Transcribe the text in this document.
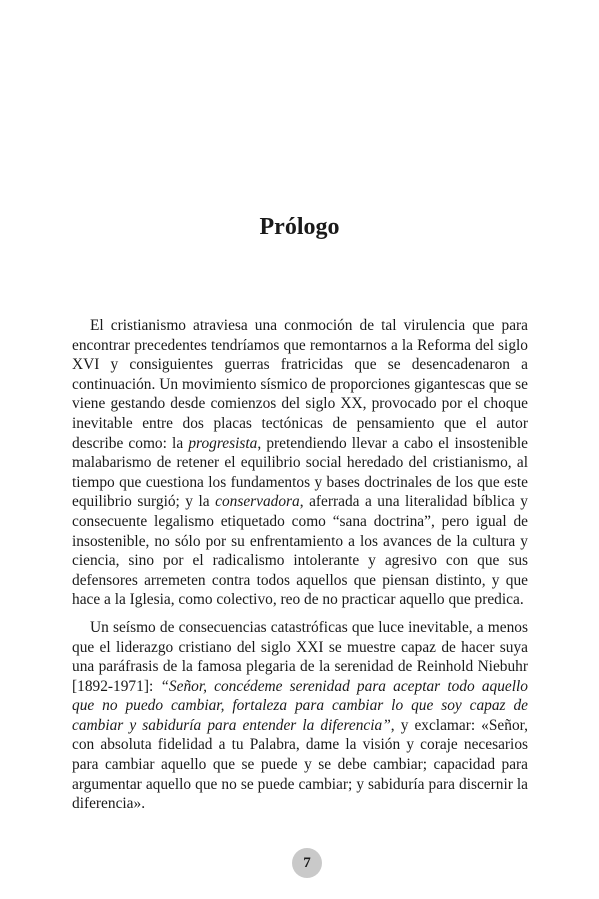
Prólogo

El cristianismo atraviesa una conmoción de tal virulencia que para encontrar precedentes tendríamos que remontarnos a la Reforma del siglo XVI y consiguientes guerras fratricidas que se desencadenaron a continuación. Un movimiento sísmico de proporciones gigantescas que se viene gestando desde comienzos del siglo XX, provocado por el choque inevitable entre dos placas tectónicas de pensamiento que el autor describe como: la progresista, pretendiendo llevar a cabo el insostenible malabarismo de retener el equilibrio social heredado del cristianismo, al tiempo que cuestiona los fundamentos y bases doctrinales de los que este equilibrio surgió; y la conservadora, aferrada a una literalidad bíblica y consecuente legalismo etiquetado como “sana doctrina”, pero igual de insostenible, no sólo por su enfrentamiento a los avances de la cultura y ciencia, sino por el radicalismo intolerante y agresivo con que sus defensores arremeten contra todos aquellos que piensan distinto, y que hace a la Iglesia, como colectivo, reo de no practicar aquello que predica.

Un seísmo de consecuencias catastróficas que luce inevitable, a menos que el liderazgo cristiano del siglo XXI se muestre capaz de hacer suya una paráfrasis de la famosa plegaria de la serenidad de Reinhold Niebuhr [1892-1971]: “Señor, concédeme serenidad para aceptar todo aquello que no puedo cambiar, fortaleza para cambiar lo que soy capaz de cambiar y sabiduría para entender la diferencia”, y exclamar: «Señor, con absoluta fidelidad a tu Palabra, dame la visión y coraje necesarios para cambiar aquello que se puede y se debe cambiar; capacidad para argumentar aquello que no se puede cambiar; y sabiduría para discernir la diferencia».

7
